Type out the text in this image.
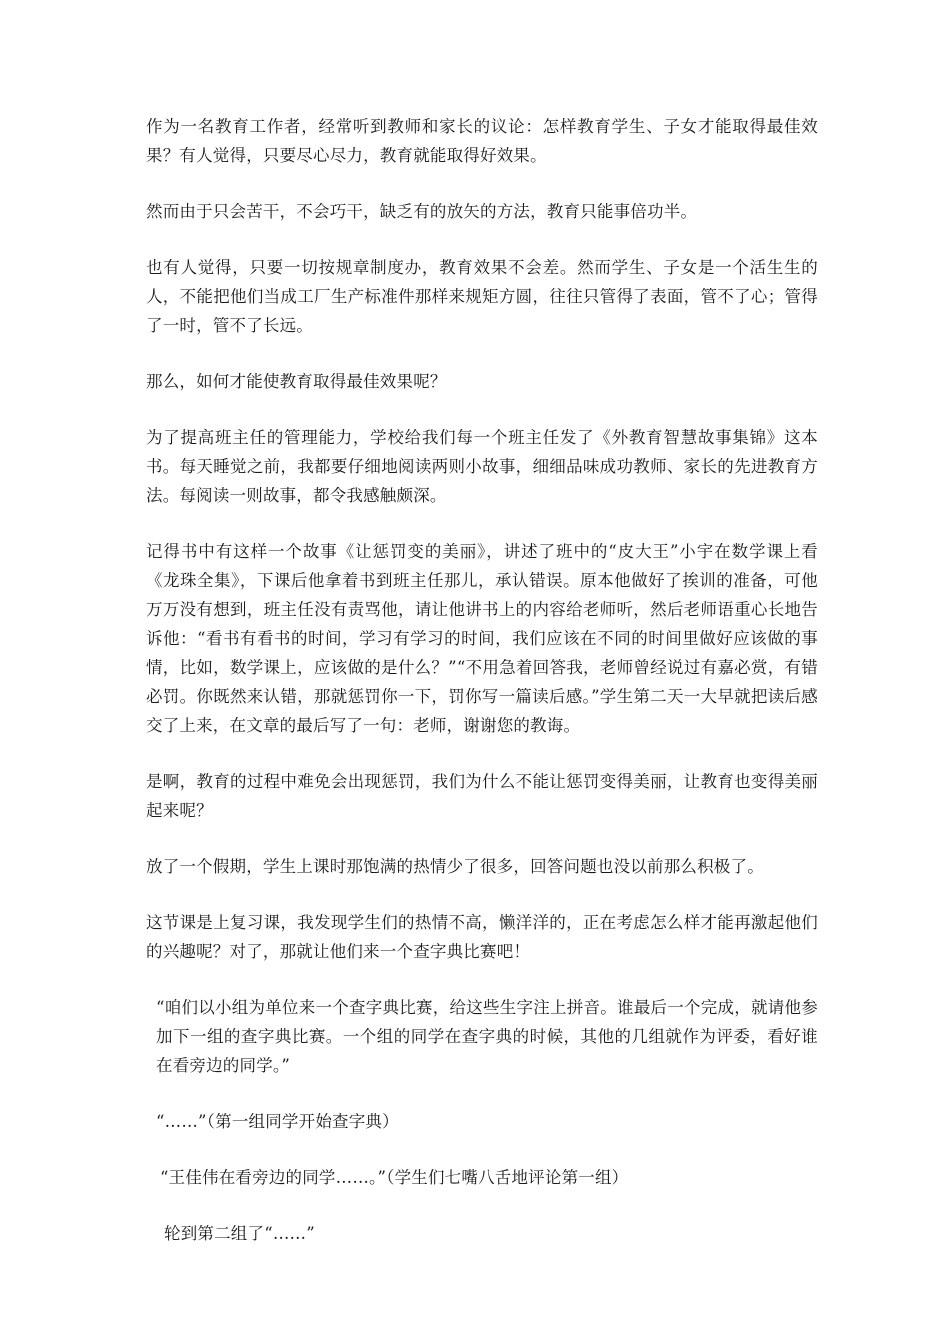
作为一名教育工作者，经常听到教师和家长的议论：怎样教育学生、子女才能取得最佳效果？有人觉得，只要尽心尽力，教育就能取得好效果。

然而由于只会苦干，不会巧干，缺乏有的放矢的方法，教育只能事倍功半。

也有人觉得，只要一切按规章制度办，教育效果不会差。然而学生、子女是一个活生生的人，不能把他们当成工厂生产标准件那样来规矩方圆，往往只管得了表面，管不了心；管得了一时，管不了长远。

那么，如何才能使教育取得最佳效果呢？

为了提高班主任的管理能力，学校给我们每一个班主任发了《外教育智慧故事集锦》这本书。每天睡觉之前，我都要仔细地阅读两则小故事，细细品味成功教师、家长的先进教育方法。每阅读一则故事，都令我感触颇深。

记得书中有这样一个故事《让惩罚变的美丽》，讲述了班中的“皮大王”小宇在数学课上看《龙珠全集》，下课后他拿着书到班主任那儿，承认错误。原本他做好了挨训的准备，可他万万没有想到，班主任没有责骂他，请让他讲书上的内容给老师听，然后老师语重心长地告诉他：“看书有看书的时间，学习有学习的时间，我们应该在不同的时间里做好应该做的事情，比如，数学课上，应该做的是什么？”“不用急着回答我，老师曾经说过有嘉必赏，有错必罚。你既然来认错，那就惩罚你一下，罚你写一篇读后感。”学生第二天一大早就把读后感交了上来，在文章的最后写了一句：老师，谢谢您的教诲。

是啊，教育的过程中难免会出现惩罚，我们为什么不能让惩罚变得美丽，让教育也变得美丽起来呢？

放了一个假期，学生上课时那饱满的热情少了很多，回答问题也没以前那么积极了。

这节课是上复习课，我发现学生们的热情不高，懒洋洋的，正在考虑怎么样才能再激起他们的兴趣呢？对了，那就让他们来一个查字典比赛吧！

“咱们以小组为单位来一个查字典比赛，给这些生字注上拼音。谁最后一个完成，就请他参加下一组的查字典比赛。一个组的同学在查字典的时候，其他的几组就作为评委，看好谁在看旁边的同学。”

“……”（第一组同学开始查字典）

“王佳伟在看旁边的同学……。”（学生们七嘴八舌地评论第一组）

轮到第二组了“……”
